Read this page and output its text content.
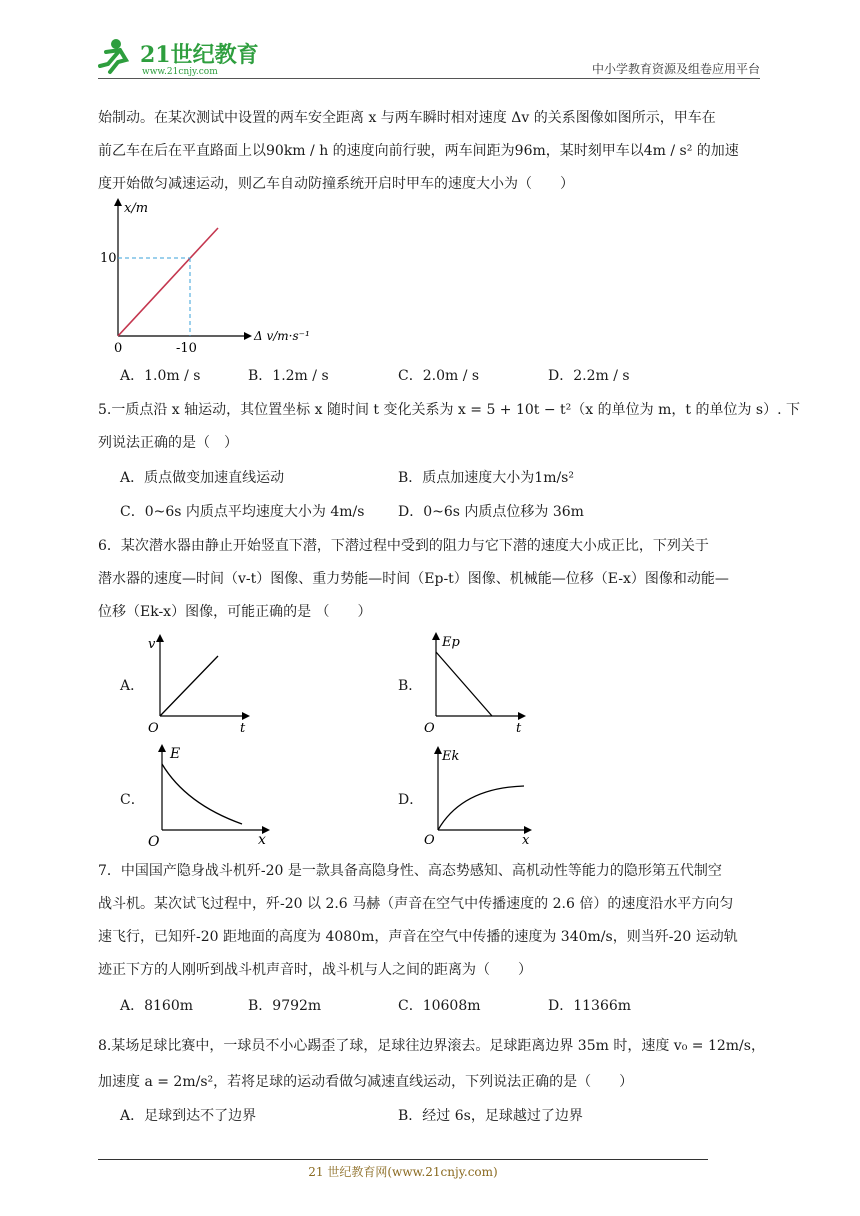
21世纪教育
www.21cnjy.com	中小学教育资源及组卷应用平台
始制动。在某次测试中设置的两车安全距离 x 与两车瞬时相对速度 Δv 的关系图像如图所示，甲车在
前乙车在后在平直路面上以90km / h 的速度向前行驶，两车间距为96m，某时刻甲车以4m / s² 的加速
度开始做匀减速运动，则乙车自动防撞系统开启时甲车的速度大小为（　　）
x/m
Δ v/m·s⁻¹
10
0	-10
A．1.0m / s	B．1.2m / s	C．2.0m / s	D．2.2m / s
5.一质点沿 x 轴运动，其位置坐标 x 随时间 t 变化关系为 x = 5 + 10t − t²（x 的单位为 m，t 的单位为 s）. 下
列说法正确的是（　）
A．质点做变加速直线运动	B．质点加速度大小为1m/s²
C．0~6s 内质点平均速度大小为 4m/s D．0~6s 内质点位移为 36m
6．某次潜水器由静止开始竖直下潜，下潜过程中受到的阻力与它下潜的速度大小成正比，下列关于
潜水器的速度—时间（v-t）图像、重力势能—时间（Ep-t）图像、机械能—位移（E-x）图像和动能—
位移（Ek-x）图像，可能正确的是 （　　）
A．
v
O	t
B．
Ep
O	t
C．
E
O	x
D．
Ek
O	x
7．中国国产隐身战斗机歼-20 是一款具备高隐身性、高态势感知、高机动性等能力的隐形第五代制空
战斗机。某次试飞过程中，歼-20 以 2.6 马赫（声音在空气中传播速度的 2.6 倍）的速度沿水平方向匀
速飞行，已知歼-20 距地面的高度为 4080m，声音在空气中传播的速度为 340m/s，则当歼-20 运动轨
迹正下方的人刚听到战斗机声音时，战斗机与人之间的距离为（　　）
A．8160m	B．9792m	C．10608m	D．11366m
8.某场足球比赛中，一球员不小心踢歪了球，足球往边界滚去。足球距离边界 35m 时，速度 v₀ = 12m/s，
加速度 a = 2m/s²，若将足球的运动看做匀减速直线运动，下列说法正确的是（　　）
A．足球到达不了边界	B．经过 6s，足球越过了边界
21 世纪教育网(www.21cnjy.com)
